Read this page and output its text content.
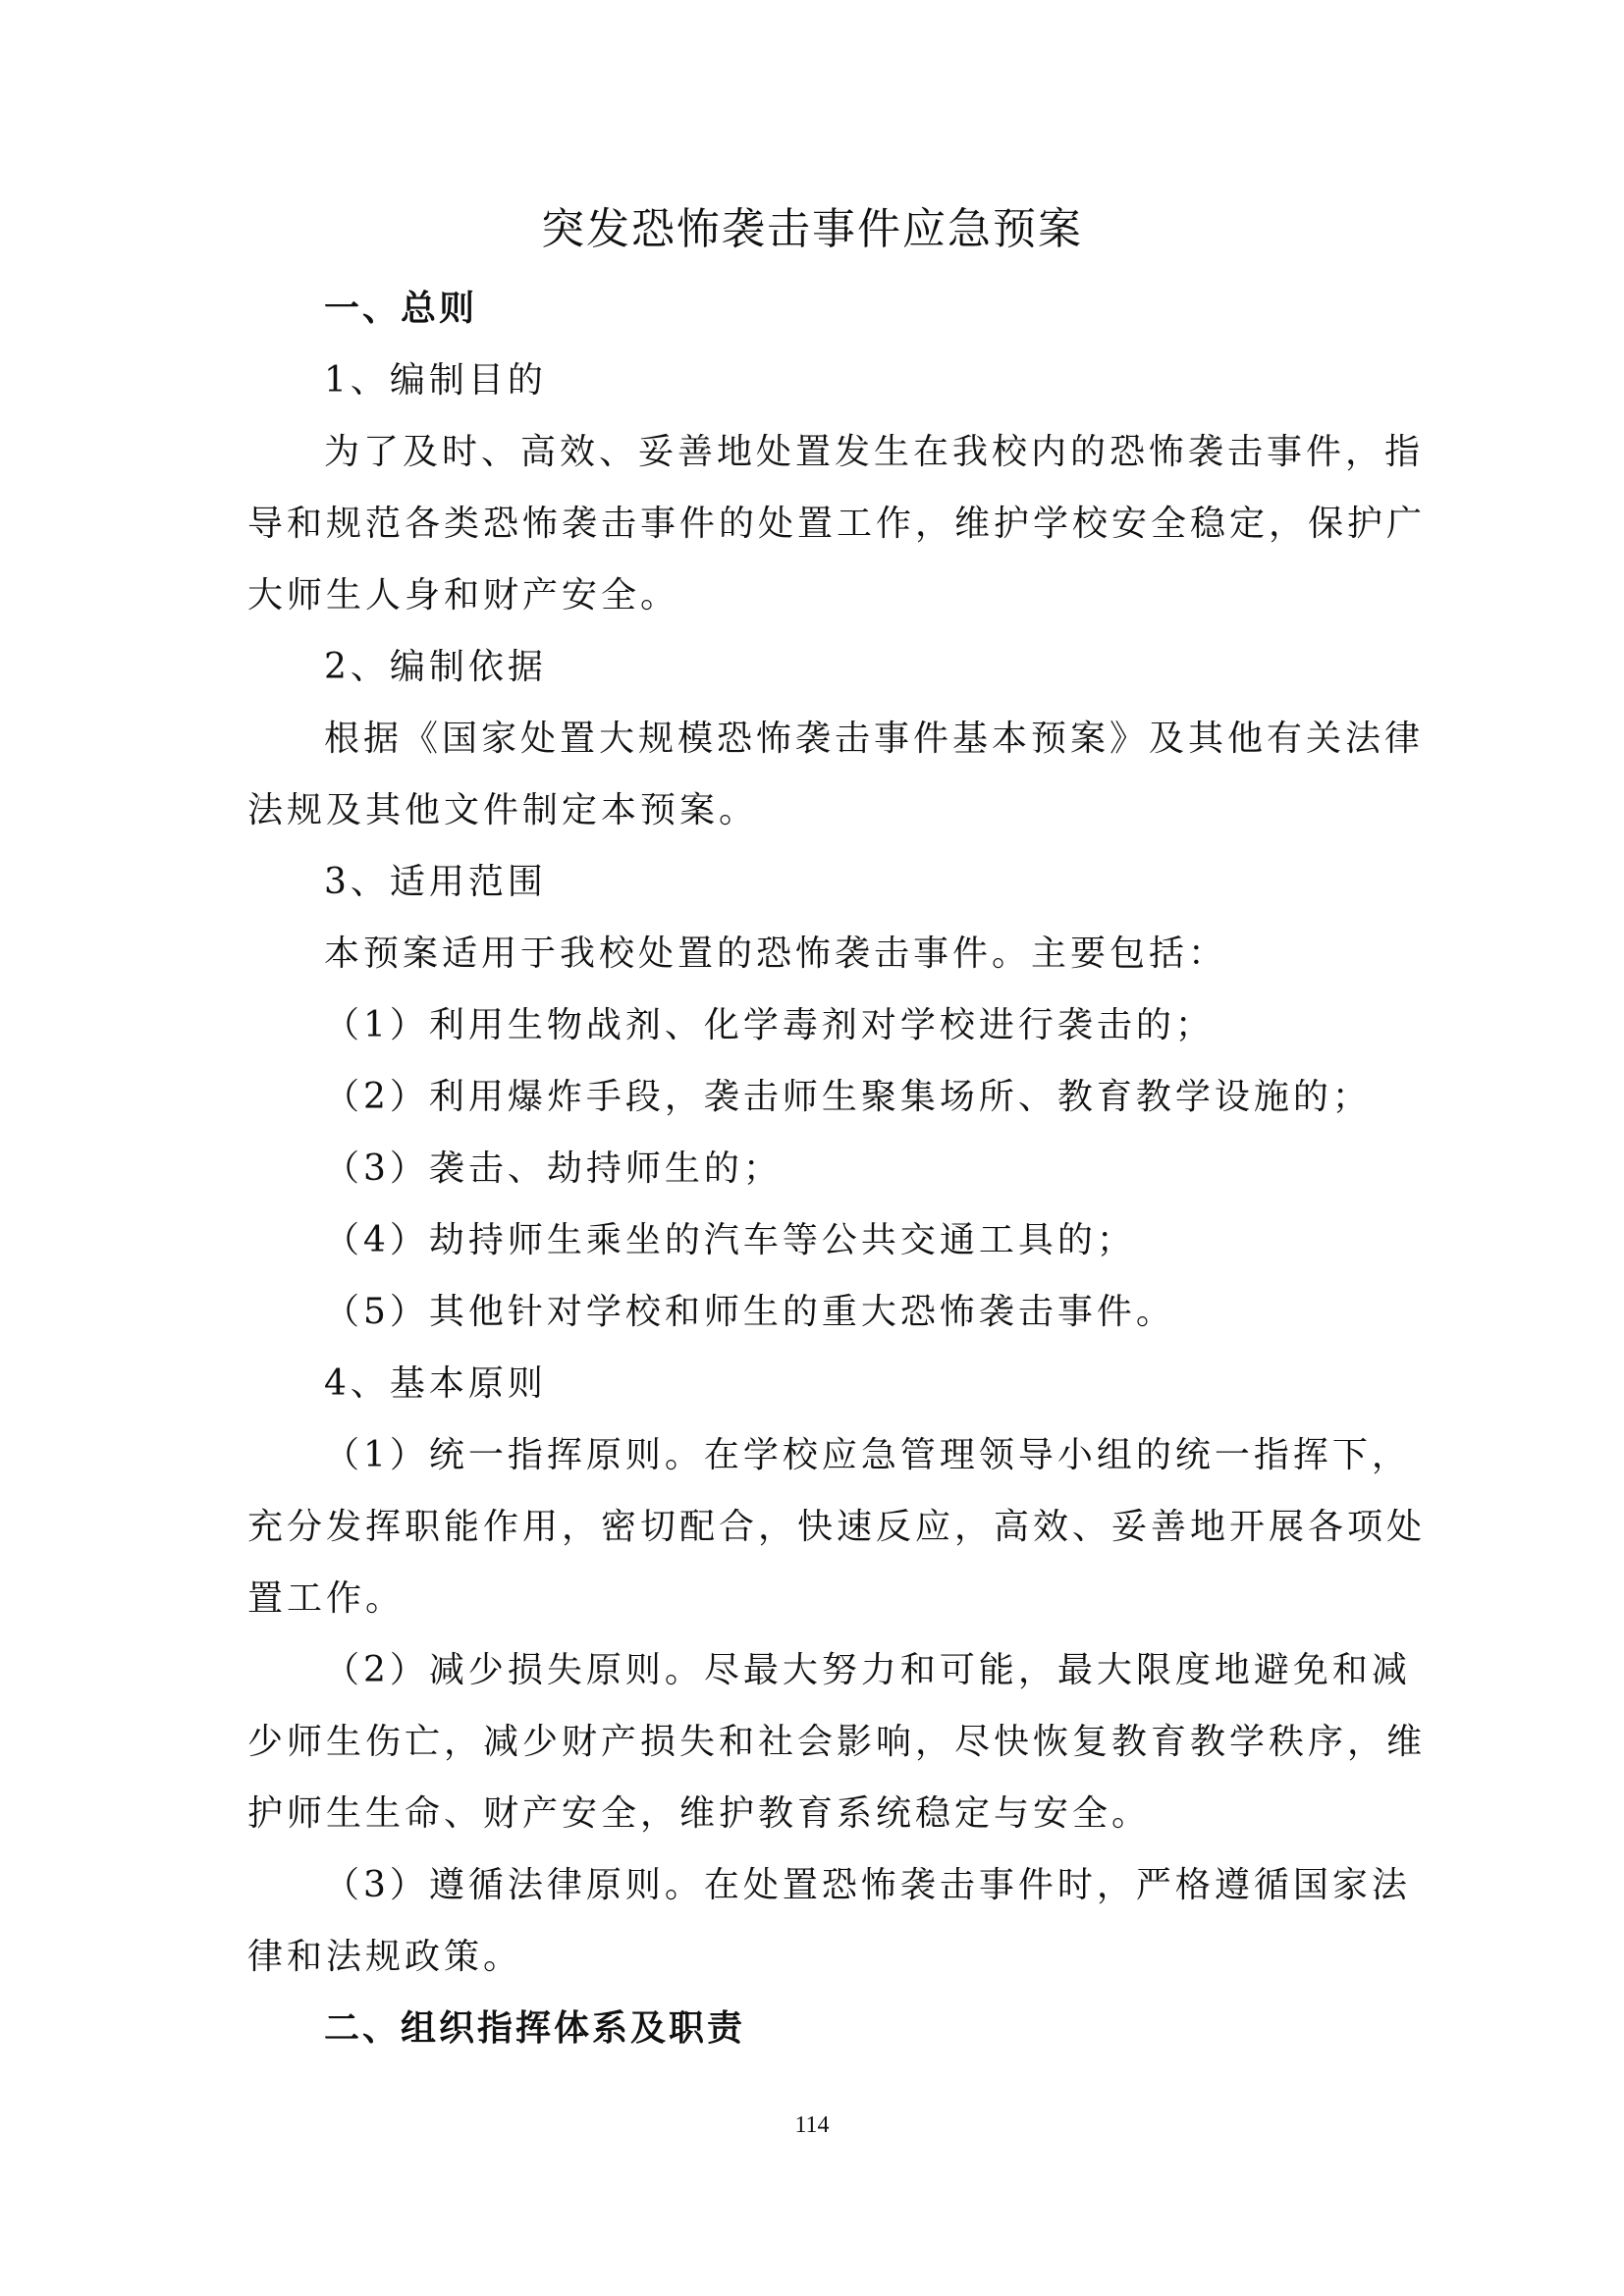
突发恐怖袭击事件应急预案

一、总则

1、编制目的

为了及时、高效、妥善地处置发生在我校内的恐怖袭击事件，指

导和规范各类恐怖袭击事件的处置工作，维护学校安全稳定，保护广

大师生人身和财产安全。

2、编制依据

根据《国家处置大规模恐怖袭击事件基本预案》及其他有关法律

法规及其他文件制定本预案。

3、适用范围

本预案适用于我校处置的恐怖袭击事件。主要包括：

（1）利用生物战剂、化学毒剂对学校进行袭击的；

（2）利用爆炸手段，袭击师生聚集场所、教育教学设施的；

（3）袭击、劫持师生的；

（4）劫持师生乘坐的汽车等公共交通工具的；

（5）其他针对学校和师生的重大恐怖袭击事件。

4、基本原则

（1）统一指挥原则。在学校应急管理领导小组的统一指挥下，

充分发挥职能作用，密切配合，快速反应，高效、妥善地开展各项处

置工作。

（2）减少损失原则。尽最大努力和可能，最大限度地避免和减

少师生伤亡，减少财产损失和社会影响，尽快恢复教育教学秩序，维

护师生生命、财产安全，维护教育系统稳定与安全。

（3）遵循法律原则。在处置恐怖袭击事件时，严格遵循国家法

律和法规政策。

二、组织指挥体系及职责

114
